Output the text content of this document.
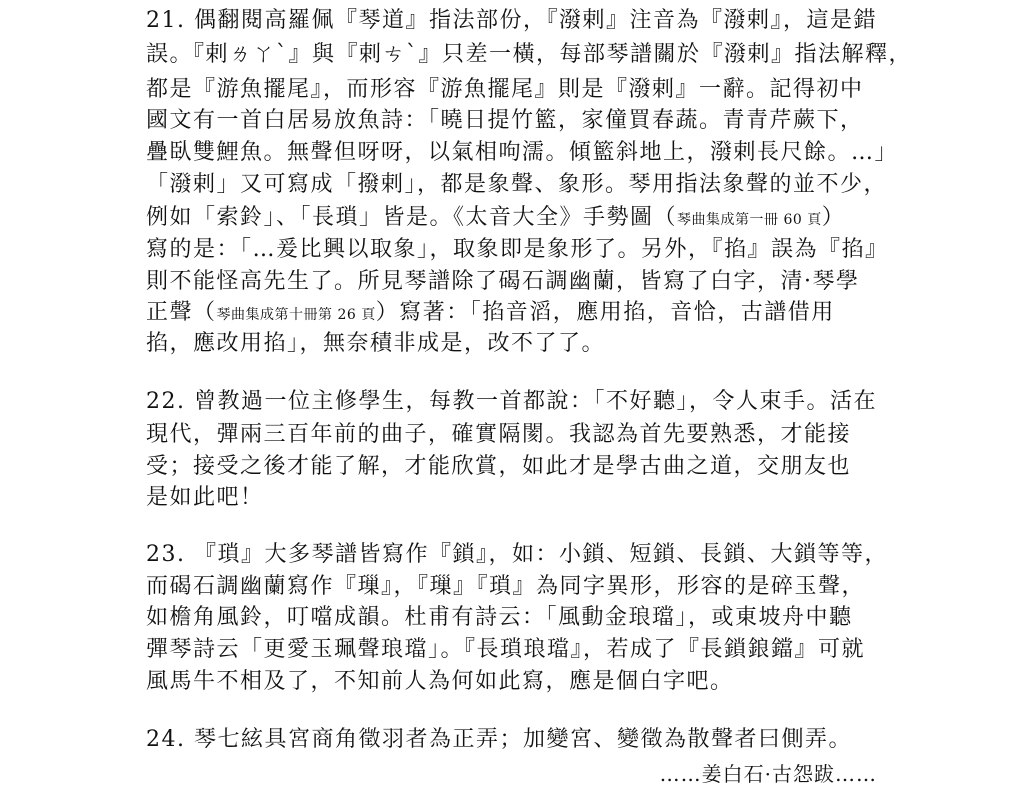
21. 偶翻閱高羅佩『琴道』指法部份，『潑剌』注音為『潑剌』，這是錯
誤。『剌ㄌㄚˋ』與『剌ㄘˋ』只差一橫，每部琴譜關於『潑剌』指法解釋，
都是『游魚擺尾』，而形容『游魚擺尾』則是『潑剌』一辭。記得初中
國文有一首白居易放魚詩：「曉日提竹籃，家僮買春蔬。青青芹蕨下，
疊臥雙鯉魚。無聲但呀呀，以氣相呴濡。傾籃斜地上，潑剌長尺餘。…」
「潑剌」又可寫成「撥剌」，都是象聲、象形。琴用指法象聲的並不少，
例如「索鈴」、「長瑣」皆是。《太音大全》手勢圖（琴曲集成第一冊 60 頁）
寫的是：「…爰比興以取象」，取象即是象形了。另外，『掐』誤為『掐』
則不能怪高先生了。所見琴譜除了碣石調幽蘭，皆寫了白字，清·琴學
正聲（琴曲集成第十冊第 26 頁）寫著：「掐音滔，應用掐，音恰，古譜借用
掐，應改用掐」，無奈積非成是，改不了了。
22. 曾教過一位主修學生，每教一首都說：「不好聽」，令人束手。活在
現代，彈兩三百年前的曲子，確實隔閡。我認為首先要熟悉，才能接
受；接受之後才能了解，才能欣賞，如此才是學古曲之道，交朋友也
是如此吧！
23. 『瑣』大多琴譜皆寫作『鎖』，如：小鎖、短鎖、長鎖、大鎖等等，
而碣石調幽蘭寫作『璅』，『璅』『瑣』為同字異形，形容的是碎玉聲，
如檐角風鈴，叮噹成韻。杜甫有詩云：「風動金琅璫」，或東坡舟中聽
彈琴詩云「更愛玉珮聲琅璫」。『長瑣琅璫』，若成了『長鎖鋃鐺』可就
風馬牛不相及了，不知前人為何如此寫，應是個白字吧。
24. 琴七絃具宮商角徵羽者為正弄；加變宮、變徵為散聲者曰側弄。
……姜白石·古怨跋……
